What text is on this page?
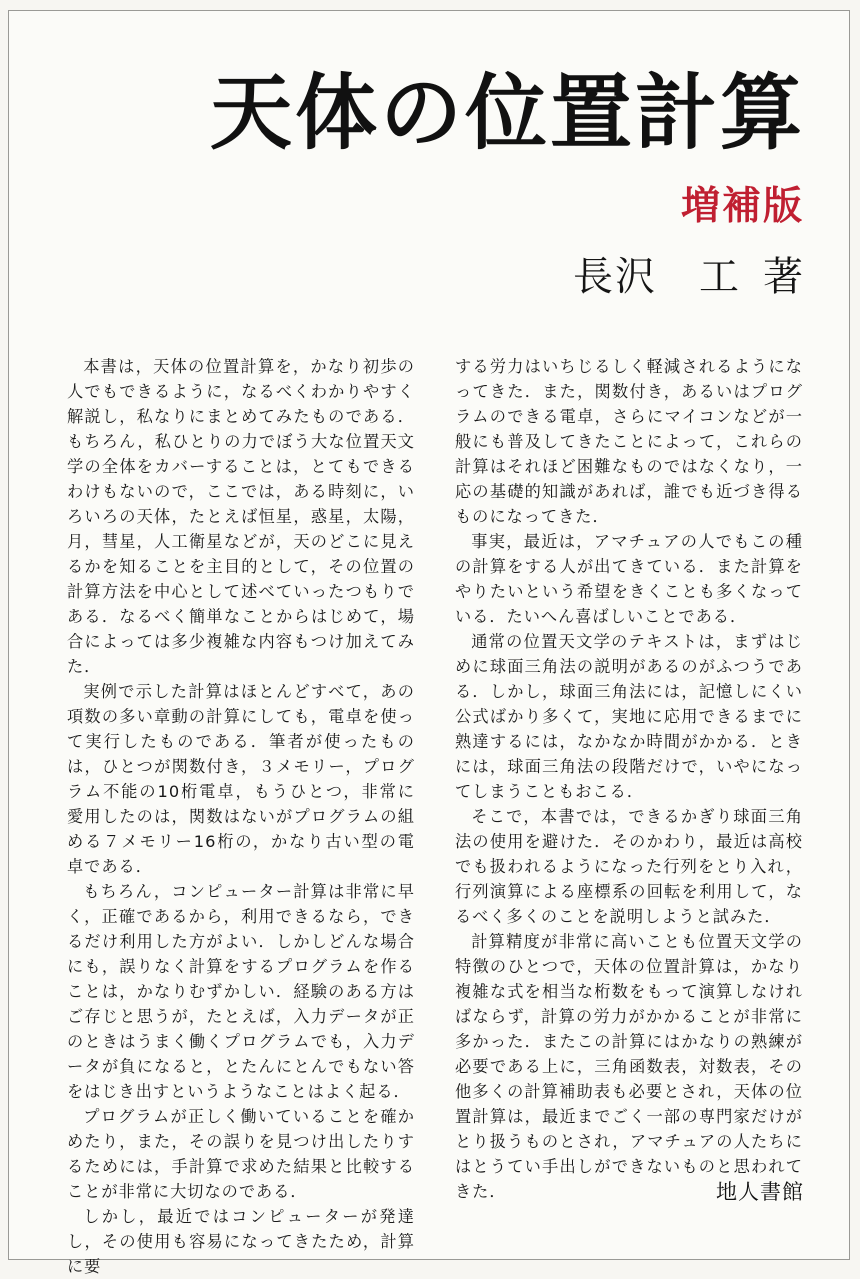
天体の位置計算
増補版
長沢　工 著

本書は，天体の位置計算を，かなり初歩の人でもできるように，なるべくわかりやすく解説し，私なりにまとめてみたものである．もちろん，私ひとりの力でぼう大な位置天文学の全体をカバーすることは，とてもできるわけもないので，ここでは，ある時刻に，いろいろの天体，たとえば恒星，惑星，太陽，月，彗星，人工衛星などが，天のどこに見えるかを知ることを主目的として，その位置の計算方法を中心として述べていったつもりである．なるべく簡単なことからはじめて，場合によっては多少複雑な内容もつけ加えてみた．

実例で示した計算はほとんどすべて，あの項数の多い章動の計算にしても，電卓を使って実行したものである．筆者が使ったものは，ひとつが関数付き，３メモリー，プログラム不能の10桁電卓，もうひとつ，非常に愛用したのは，関数はないがプログラムの組める７メモリー16桁の，かなり古い型の電卓である．

もちろん，コンピューター計算は非常に早く，正確であるから，利用できるなら，できるだけ利用した方がよい．しかしどんな場合にも，誤りなく計算をするプログラムを作ることは，かなりむずかしい．経験のある方はご存じと思うが，たとえば，入力データが正のときはうまく働くプログラムでも，入力データが負になると，とたんにとんでもない答をはじき出すというようなことはよく起る．

プログラムが正しく働いていることを確かめたり，また，その誤りを見つけ出したりするためには，手計算で求めた結果と比較することが非常に大切なのである．

しかし，最近ではコンピューターが発達し，その使用も容易になってきたため，計算に要

する労力はいちじるしく軽減されるようになってきた．また，関数付き，あるいはプログラムのできる電卓，さらにマイコンなどが一般にも普及してきたことによって，これらの計算はそれほど困難なものではなくなり，一応の基礎的知識があれば，誰でも近づき得るものになってきた．

事実，最近は，アマチュアの人でもこの種の計算をする人が出てきている．また計算をやりたいという希望をきくことも多くなっている．たいへん喜ばしいことである．

通常の位置天文学のテキストは，まずはじめに球面三角法の説明があるのがふつうである．しかし，球面三角法には，記憶しにくい公式ばかり多くて，実地に応用できるまでに熟達するには，なかなか時間がかかる．ときには，球面三角法の段階だけで，いやになってしまうこともおこる．

そこで，本書では，できるかぎり球面三角法の使用を避けた．そのかわり，最近は高校でも扱われるようになった行列をとり入れ，行列演算による座標系の回転を利用して，なるべく多くのことを説明しようと試みた．

計算精度が非常に高いことも位置天文学の特徴のひとつで，天体の位置計算は，かなり複雑な式を相当な桁数をもって演算しなければならず，計算の労力がかかることが非常に多かった．またこの計算にはかなりの熟練が必要である上に，三角函数表，対数表，その他多くの計算補助表も必要とされ，天体の位置計算は，最近までごく一部の専門家だけがとり扱うものとされ，アマチュアの人たちにはとうてい手出しができないものと思われてきた．	地人書館
